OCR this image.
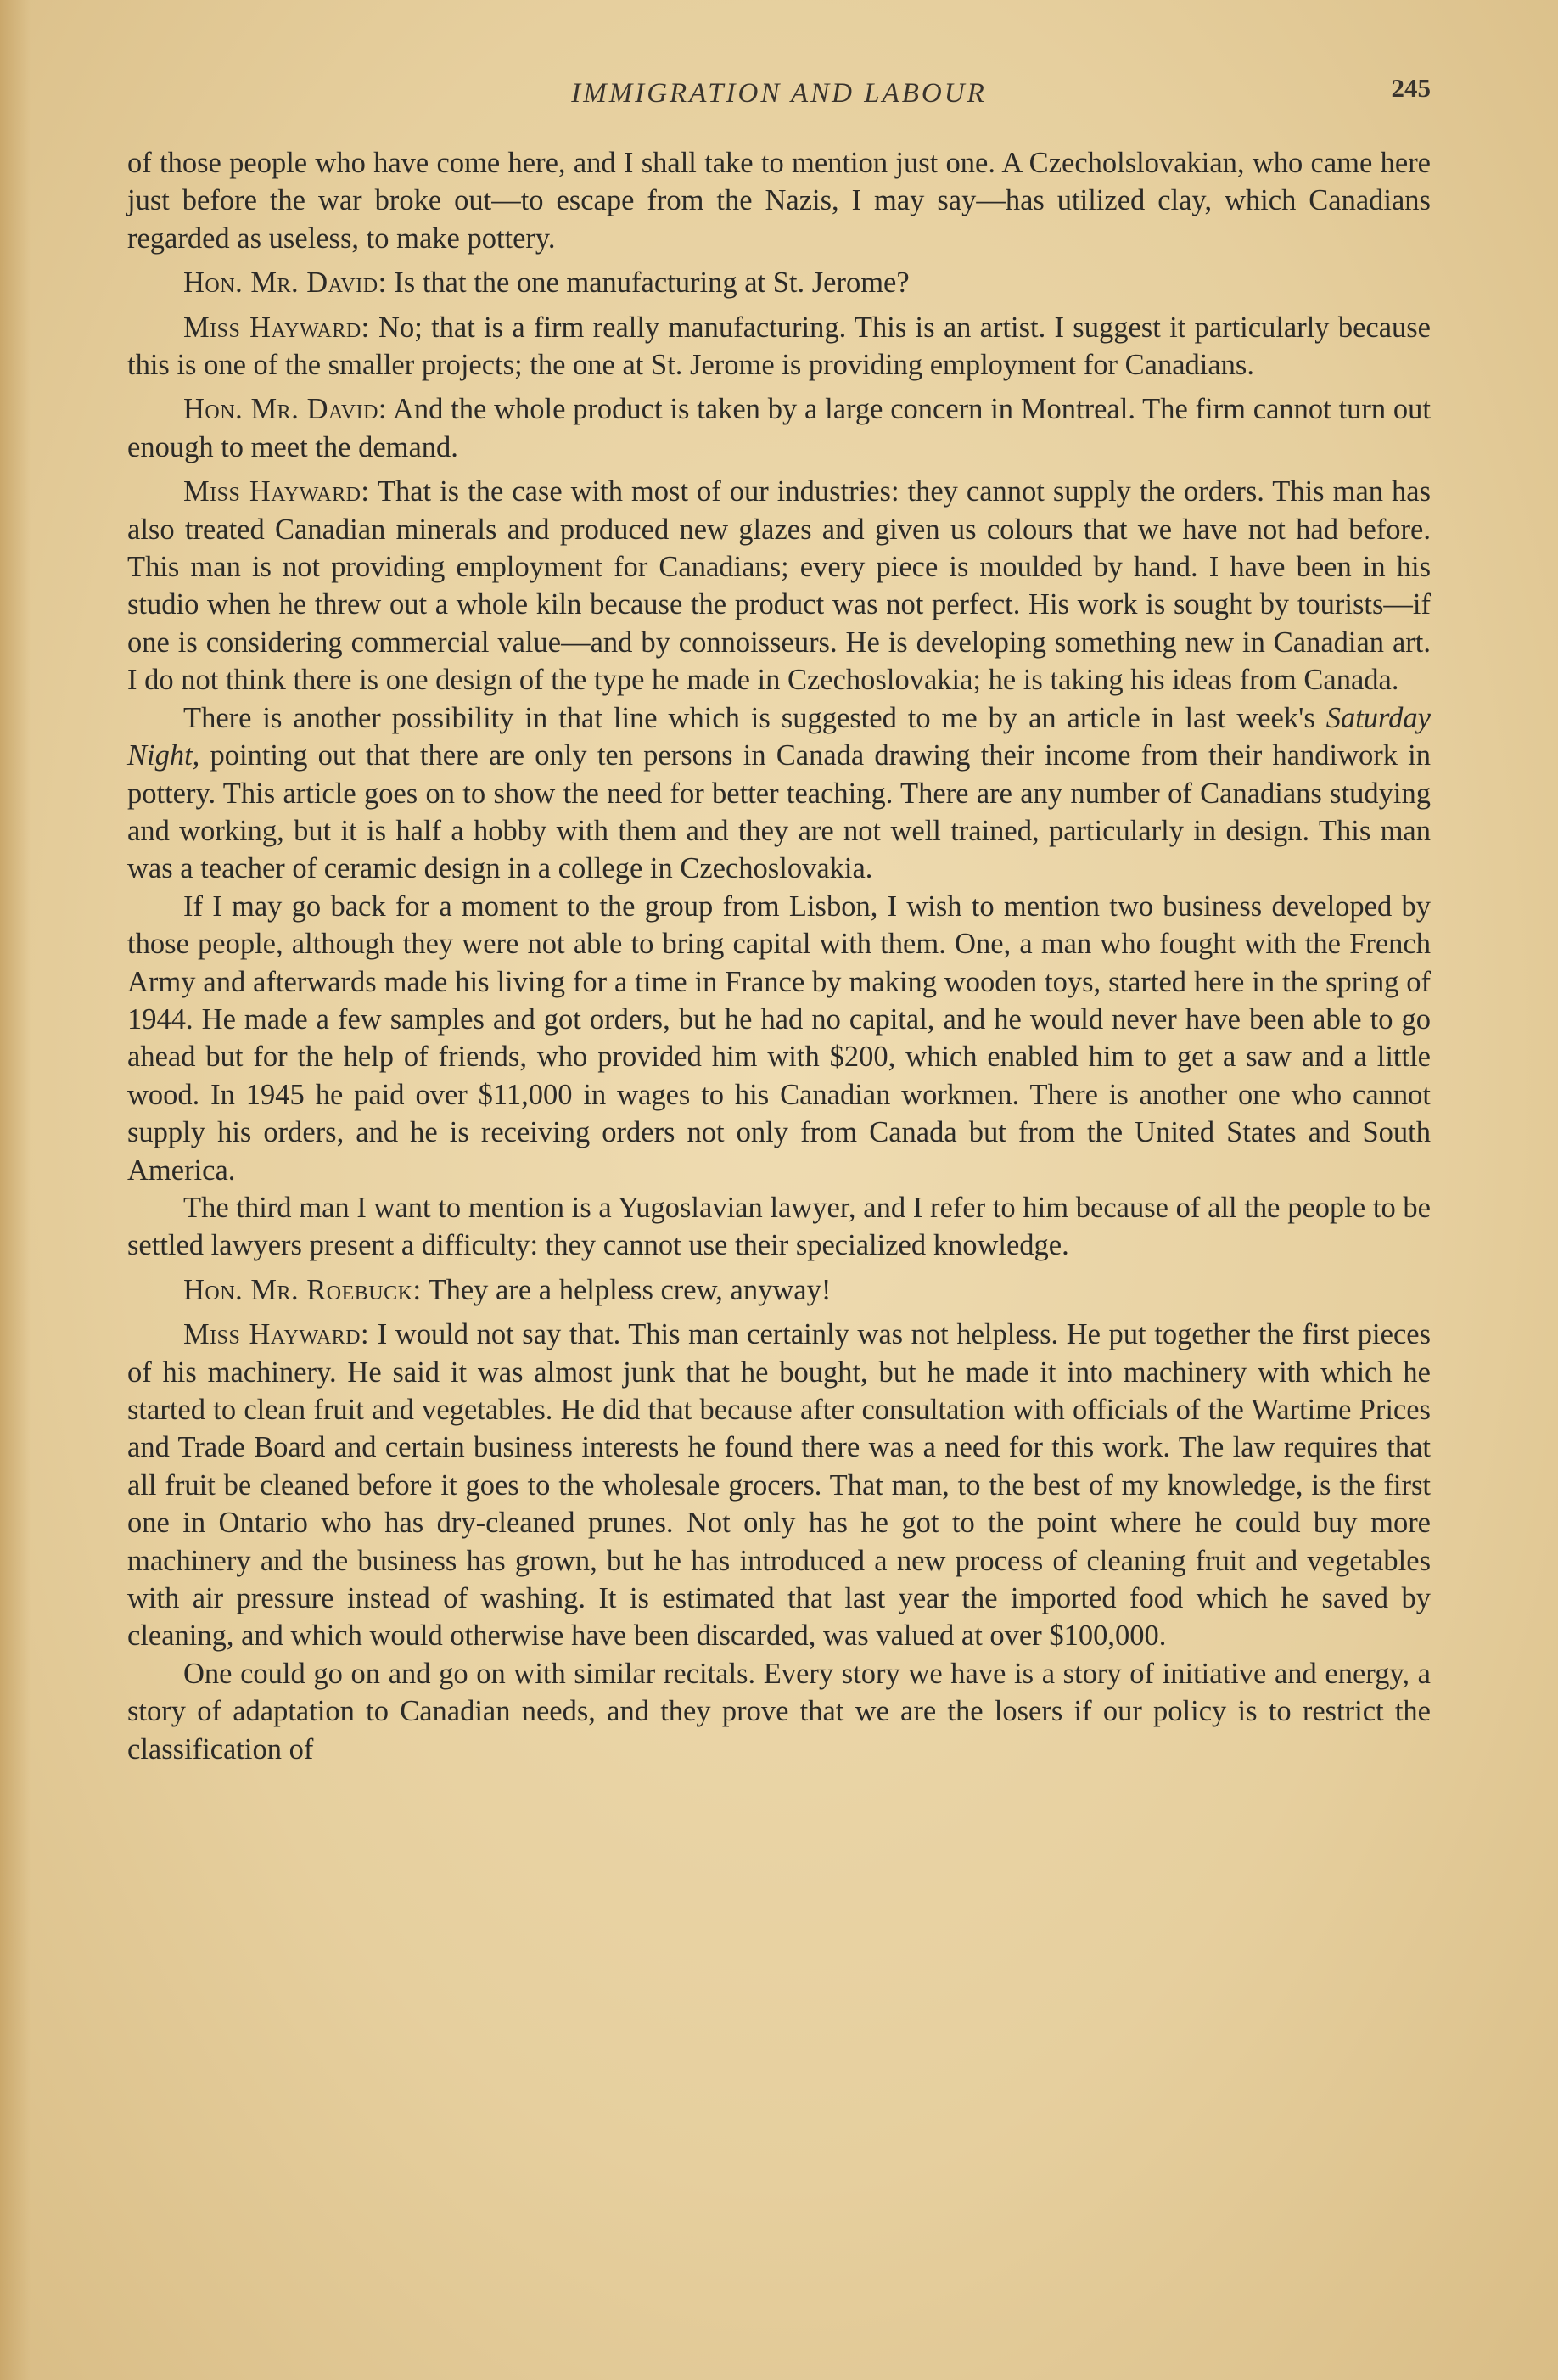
IMMIGRATION AND LABOUR	245

of those people who have come here, and I shall take to mention just one. A Czecholslovakian, who came here just before the war broke out—to escape from the Nazis, I may say—has utilized clay, which Canadians regarded as useless, to make pottery.

Hon. Mr. David: Is that the one manufacturing at St. Jerome?

Miss Hayward: No; that is a firm really manufacturing. This is an artist. I suggest it particularly because this is one of the smaller projects; the one at St. Jerome is providing employment for Canadians.

Hon. Mr. David: And the whole product is taken by a large concern in Montreal. The firm cannot turn out enough to meet the demand.

Miss Hayward: That is the case with most of our industries: they cannot supply the orders. This man has also treated Canadian minerals and produced new glazes and given us colours that we have not had before. This man is not providing employment for Canadians; every piece is moulded by hand. I have been in his studio when he threw out a whole kiln because the product was not perfect. His work is sought by tourists—if one is considering commercial value—and by connoisseurs. He is developing something new in Canadian art. I do not think there is one design of the type he made in Czechoslovakia; he is taking his ideas from Canada.

There is another possibility in that line which is suggested to me by an article in last week's Saturday Night, pointing out that there are only ten persons in Canada drawing their income from their handiwork in pottery. This article goes on to show the need for better teaching. There are any number of Canadians studying and working, but it is half a hobby with them and they are not well trained, particularly in design. This man was a teacher of ceramic design in a college in Czechoslovakia.

If I may go back for a moment to the group from Lisbon, I wish to mention two business developed by those people, although they were not able to bring capital with them. One, a man who fought with the French Army and afterwards made his living for a time in France by making wooden toys, started here in the spring of 1944. He made a few samples and got orders, but he had no capital, and he would never have been able to go ahead but for the help of friends, who provided him with $200, which enabled him to get a saw and a little wood. In 1945 he paid over $11,000 in wages to his Canadian workmen. There is another one who cannot supply his orders, and he is receiving orders not only from Canada but from the United States and South America.

The third man I want to mention is a Yugoslavian lawyer, and I refer to him because of all the people to be settled lawyers present a difficulty: they cannot use their specialized knowledge.

Hon. Mr. Roebuck: They are a helpless crew, anyway!

Miss Hayward: I would not say that. This man certainly was not helpless. He put together the first pieces of his machinery. He said it was almost junk that he bought, but he made it into machinery with which he started to clean fruit and vegetables. He did that because after consultation with officials of the Wartime Prices and Trade Board and certain business interests he found there was a need for this work. The law requires that all fruit be cleaned before it goes to the wholesale grocers. That man, to the best of my knowledge, is the first one in Ontario who has dry-cleaned prunes. Not only has he got to the point where he could buy more machinery and the business has grown, but he has introduced a new process of cleaning fruit and vegetables with air pressure instead of washing. It is estimated that last year the imported food which he saved by cleaning, and which would otherwise have been discarded, was valued at over $100,000.

One could go on and go on with similar recitals. Every story we have is a story of initiative and energy, a story of adaptation to Canadian needs, and they prove that we are the losers if our policy is to restrict the classification of
